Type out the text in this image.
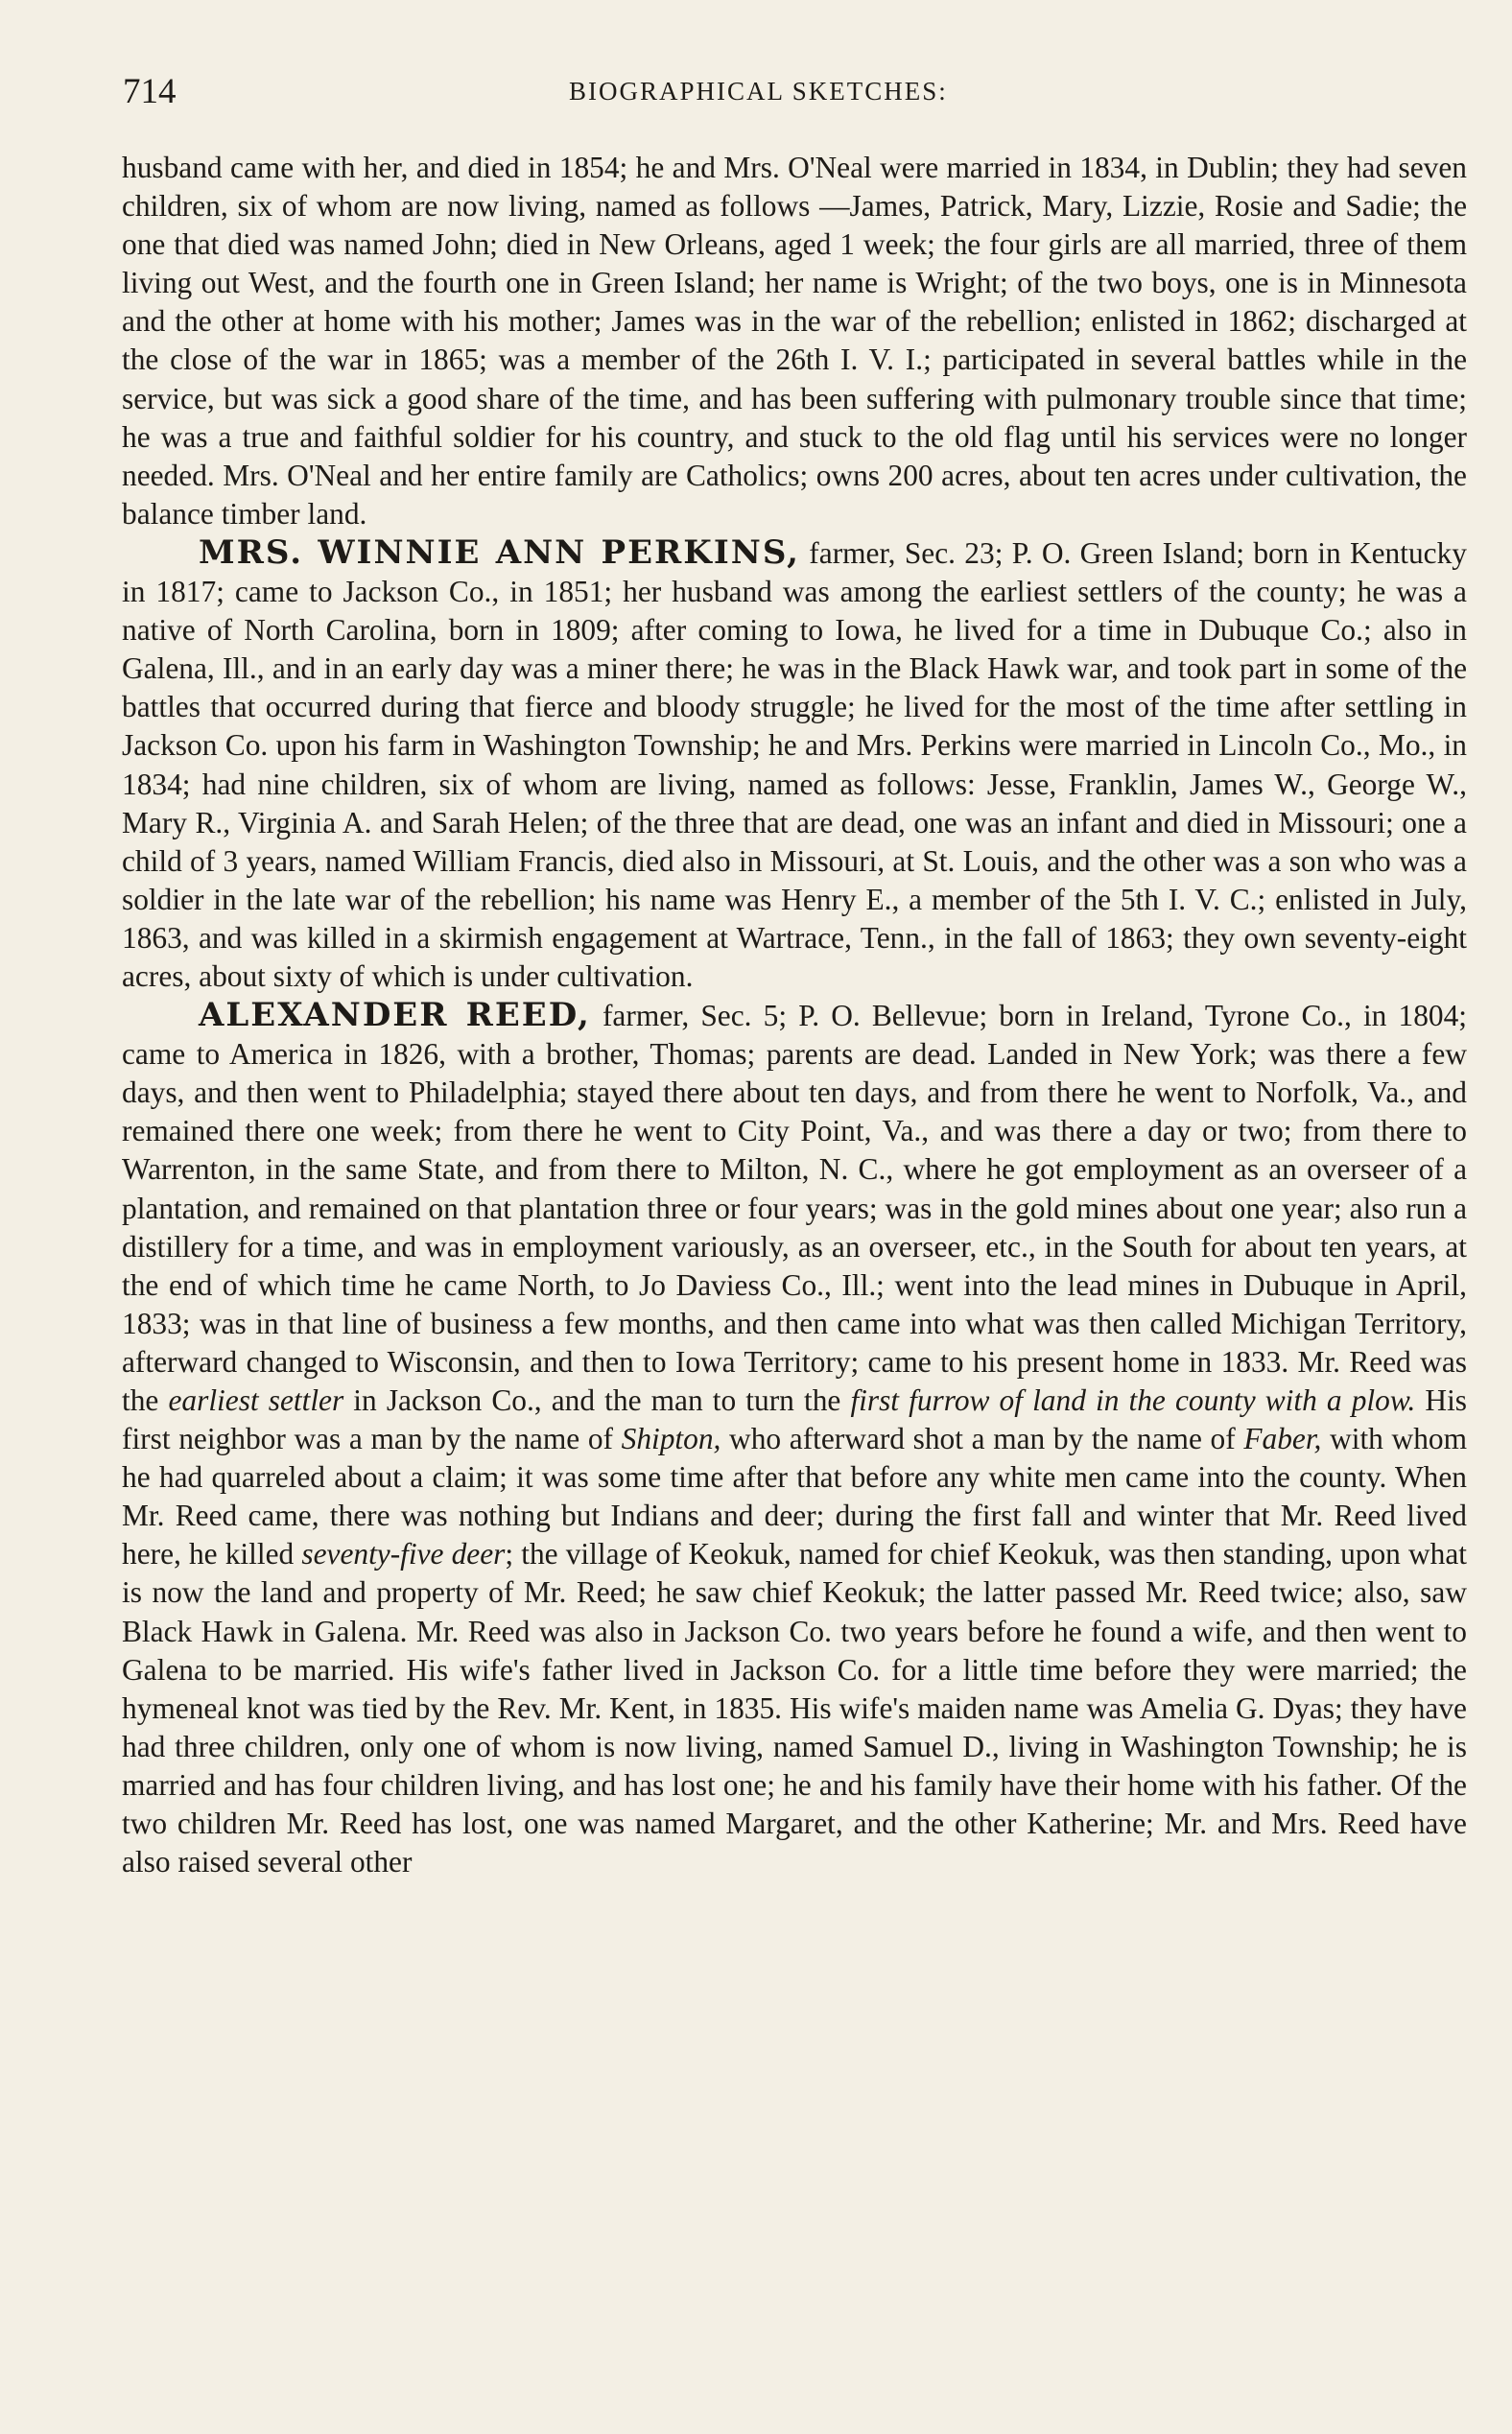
714	BIOGRAPHICAL SKETCHES:

husband came with her, and died in 1854; he and Mrs. O'Neal were married in 1834, in Dublin; they had seven children, six of whom are now living, named as follows —James, Patrick, Mary, Lizzie, Rosie and Sadie; the one that died was named John; died in New Orleans, aged 1 week; the four girls are all married, three of them living out West, and the fourth one in Green Island; her name is Wright; of the two boys, one is in Minnesota and the other at home with his mother; James was in the war of the rebellion; enlisted in 1862; discharged at the close of the war in 1865; was a member of the 26th I. V. I.; participated in several battles while in the service, but was sick a good share of the time, and has been suffering with pulmonary trouble since that time; he was a true and faithful soldier for his country, and stuck to the old flag until his services were no longer needed. Mrs. O'Neal and her entire family are Catholics; owns 200 acres, about ten acres under cultivation, the balance timber land.

MRS. WINNIE ANN PERKINS, farmer, Sec. 23; P. O. Green Island; born in Kentucky in 1817; came to Jackson Co., in 1851; her husband was among the earliest settlers of the county; he was a native of North Carolina, born in 1809; after coming to Iowa, he lived for a time in Dubuque Co.; also in Galena, Ill., and in an early day was a miner there; he was in the Black Hawk war, and took part in some of the battles that occurred during that fierce and bloody struggle; he lived for the most of the time after settling in Jackson Co. upon his farm in Washington Township; he and Mrs. Perkins were married in Lincoln Co., Mo., in 1834; had nine children, six of whom are living, named as follows: Jesse, Franklin, James W., George W., Mary R., Virginia A. and Sarah Helen; of the three that are dead, one was an infant and died in Missouri; one a child of 3 years, named William Francis, died also in Missouri, at St. Louis, and the other was a son who was a soldier in the late war of the rebellion; his name was Henry E., a member of the 5th I. V. C.; enlisted in July, 1863, and was killed in a skirmish engagement at Wartrace, Tenn., in the fall of 1863; they own seventy-eight acres, about sixty of which is under cultivation.

ALEXANDER REED, farmer, Sec. 5; P. O. Bellevue; born in Ireland, Tyrone Co., in 1804; came to America in 1826, with a brother, Thomas; parents are dead. Landed in New York; was there a few days, and then went to Philadelphia; stayed there about ten days, and from there he went to Norfolk, Va., and remained there one week; from there he went to City Point, Va., and was there a day or two; from there to Warrenton, in the same State, and from there to Milton, N. C., where he got employment as an overseer of a plantation, and remained on that plantation three or four years; was in the gold mines about one year; also run a distillery for a time, and was in employment variously, as an overseer, etc., in the South for about ten years, at the end of which time he came North, to Jo Daviess Co., Ill.; went into the lead mines in Dubuque in April, 1833; was in that line of business a few months, and then came into what was then called Michigan Territory, afterward changed to Wisconsin, and then to Iowa Territory; came to his present home in 1833. Mr. Reed was the earliest settler in Jackson Co., and the man to turn the first furrow of land in the county with a plow. His first neighbor was a man by the name of Shipton, who afterward shot a man by the name of Faber, with whom he had quarreled about a claim; it was some time after that before any white men came into the county. When Mr. Reed came, there was nothing but Indians and deer; during the first fall and winter that Mr. Reed lived here, he killed seventy-five deer; the village of Keokuk, named for chief Keokuk, was then standing, upon what is now the land and property of Mr. Reed; he saw chief Keokuk; the latter passed Mr. Reed twice; also, saw Black Hawk in Galena. Mr. Reed was also in Jackson Co. two years before he found a wife, and then went to Galena to be married. His wife's father lived in Jackson Co. for a little time before they were married; the hymeneal knot was tied by the Rev. Mr. Kent, in 1835. His wife's maiden name was Amelia G. Dyas; they have had three children, only one of whom is now living, named Samuel D., living in Washington Township; he is married and has four children living, and has lost one; he and his family have their home with his father. Of the two children Mr. Reed has lost, one was named Margaret, and the other Katherine; Mr. and Mrs. Reed have also raised several other
